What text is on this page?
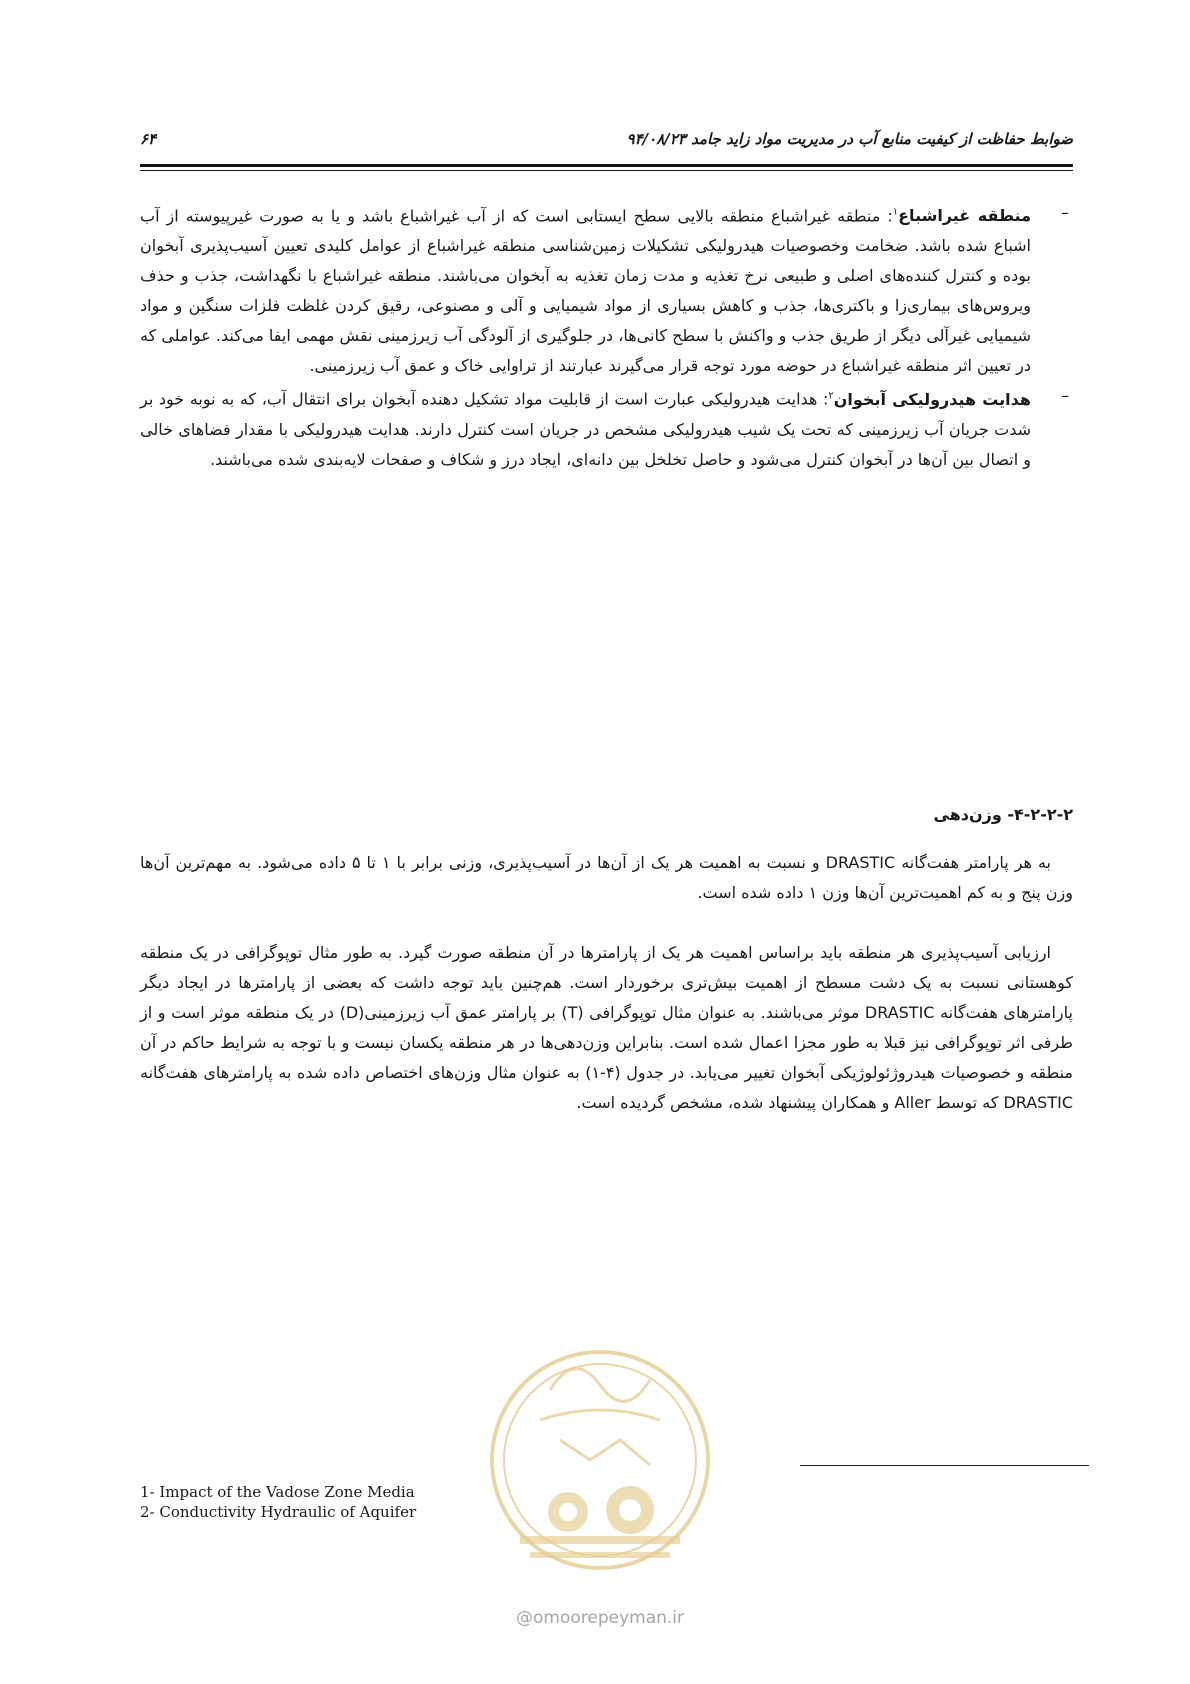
ضوابط حفاظت از کیفیت منابع آب در مدیریت مواد زاید جامد ۹۴/۰۸/۲۳
۶۴
–

منطقه غیراشباع$^۱$: منطقه غیراشباع منطقه بالایی سطح ایستابی است که از آب غیراشباع باشد و یا به صورت غیرپیوسته از آب اشباع شده باشد. ضخامت وخصوصیات هیدرولیکی تشکیلات زمین‌شناسی منطقه غیراشباع از عوامل کلیدی تعیین آسیب‌پذیری آبخوان بوده و کنترل کننده‌های اصلی و طبیعی نرخ تغذیه و مدت زمان تغذیه به آبخوان می‌باشند. منطقه غیراشباع با نگهداشت، جذب و حذف ویروس‌های بیماری‌زا و باکتری‌ها، جذب و کاهش بسیاری از مواد شیمیایی و آلی و مصنوعی، رقیق کردن غلظت فلزات سنگین و مواد شیمیایی غیرآلی دیگر از طریق جذب و واکنش با سطح کانی‌ها، در جلوگیری از آلودگی آب زیرزمینی نقش مهمی ایفا می‌کند. عواملی که در تعیین اثر منطقه غیراشباع در حوضه مورد توجه قرار می‌گیرند عبارتند از تراوایی خاک و عمق آب زیرزمینی.

–

هدایت هیدرولیکی آبخوان$^۲$: هدایت هیدرولیکی عبارت است از قابلیت مواد تشکیل دهنده آبخوان برای انتقال آب، که به نوبه خود بر شدت جریان آب زیرزمینی که تحت یک شیب هیدرولیکی مشخص در جریان است کنترل دارند. هدایت هیدرولیکی با مقدار فضاهای خالی و اتصال بین آن‌ها در آبخوان کنترل می‌شود و حاصل تخلخل بین دانه‌ای، ایجاد درز و شکاف و صفحات لایه‌بندی شده می‌باشند.

۴-۲-۲-۲- وزن‌دهی

به هر پارامتر هفت‌گانه DRASTIC و نسبت به اهمیت هر یک از آن‌ها در آسیب‌پذیری، وزنی برابر با ۱ تا ۵ داده می‌شود. به مهم‌ترین آن‌ها وزن پنج و به کم اهمیت‌ترین آن‌ها وزن ۱ داده شده است.

ارزیابی آسیب‌پذیری هر منطقه باید براساس اهمیت هر یک از پارامترها در آن منطقه صورت گیرد. به طور مثال توپوگرافی در یک منطقه کوهستانی نسبت به یک دشت مسطح از اهمیت بیش‌تری برخوردار است. هم‌چنین باید توجه داشت که بعضی از پارامترها در ایجاد دیگر پارامترهای هفت‌گانه DRASTIC موثر می‌باشند. به عنوان مثال توپوگرافی (T) بر پارامتر عمق آب زیرزمینی(D) در یک منطقه موثر است و از طرفی اثر توپوگرافی نیز قبلا به طور مجزا اعمال شده است. بنابراین وزن‌دهی‌ها در هر منطقه یکسان نیست و با توجه به شرایط حاکم در آن منطقه و خصوصیات هیدروژئولوژیکی آبخوان تغییر می‌یابد. در جدول (۴-۱) به عنوان مثال وزن‌های اختصاص داده شده به پارامترهای هفت‌گانه DRASTIC که توسط Aller و همکاران پیشنهاد شده، مشخص گردیده است.

@omoorepeyman.ir
1- Impact of the Vadose Zone Media
2- Conductivity Hydraulic of Aquifer
